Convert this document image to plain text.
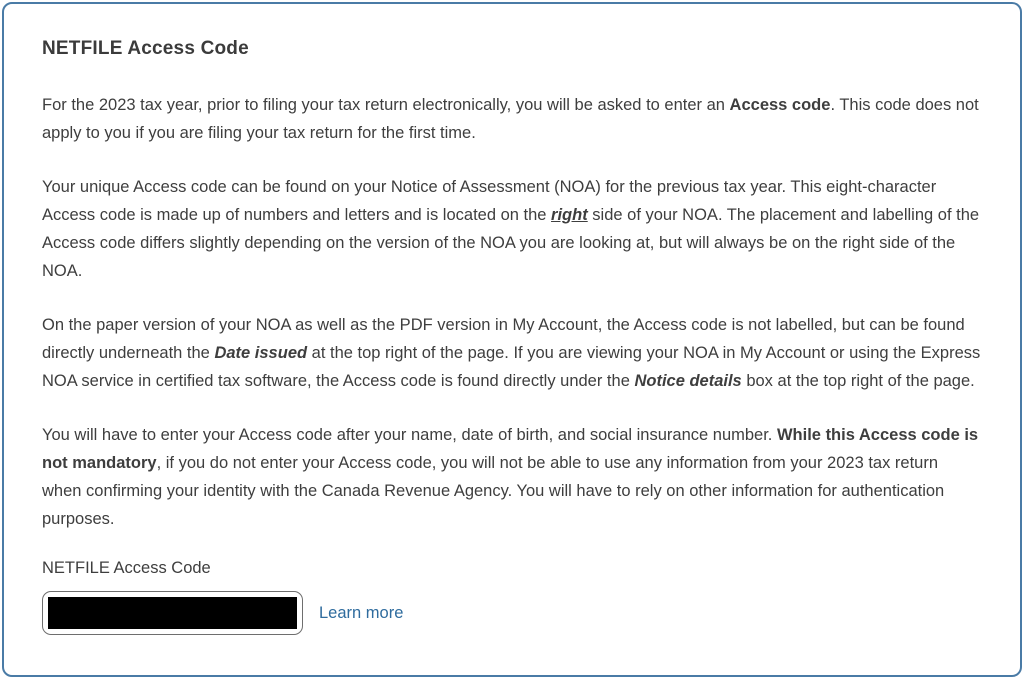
NETFILE Access Code

For the 2023 tax year, prior to filing your tax return electronically, you will be asked to enter an Access code. This code does not apply to you if you are filing your tax return for the first time.

Your unique Access code can be found on your Notice of Assessment (NOA) for the previous tax year. This eight-character Access code is made up of numbers and letters and is located on the right side of your NOA. The placement and labelling of the Access code differs slightly depending on the version of the NOA you are looking at, but will always be on the right side of the NOA.

On the paper version of your NOA as well as the PDF version in My Account, the Access code is not labelled, but can be found directly underneath the Date issued at the top right of the page. If you are viewing your NOA in My Account or using the Express NOA service in certified tax software, the Access code is found directly under the Notice details box at the top right of the page.

You will have to enter your Access code after your name, date of birth, and social insurance number. While this Access code is not mandatory, if you do not enter your Access code, you will not be able to use any information from your 2023 tax return when confirming your identity with the Canada Revenue Agency. You will have to rely on other information for authentication purposes.

NETFILE Access Code
Learn more
